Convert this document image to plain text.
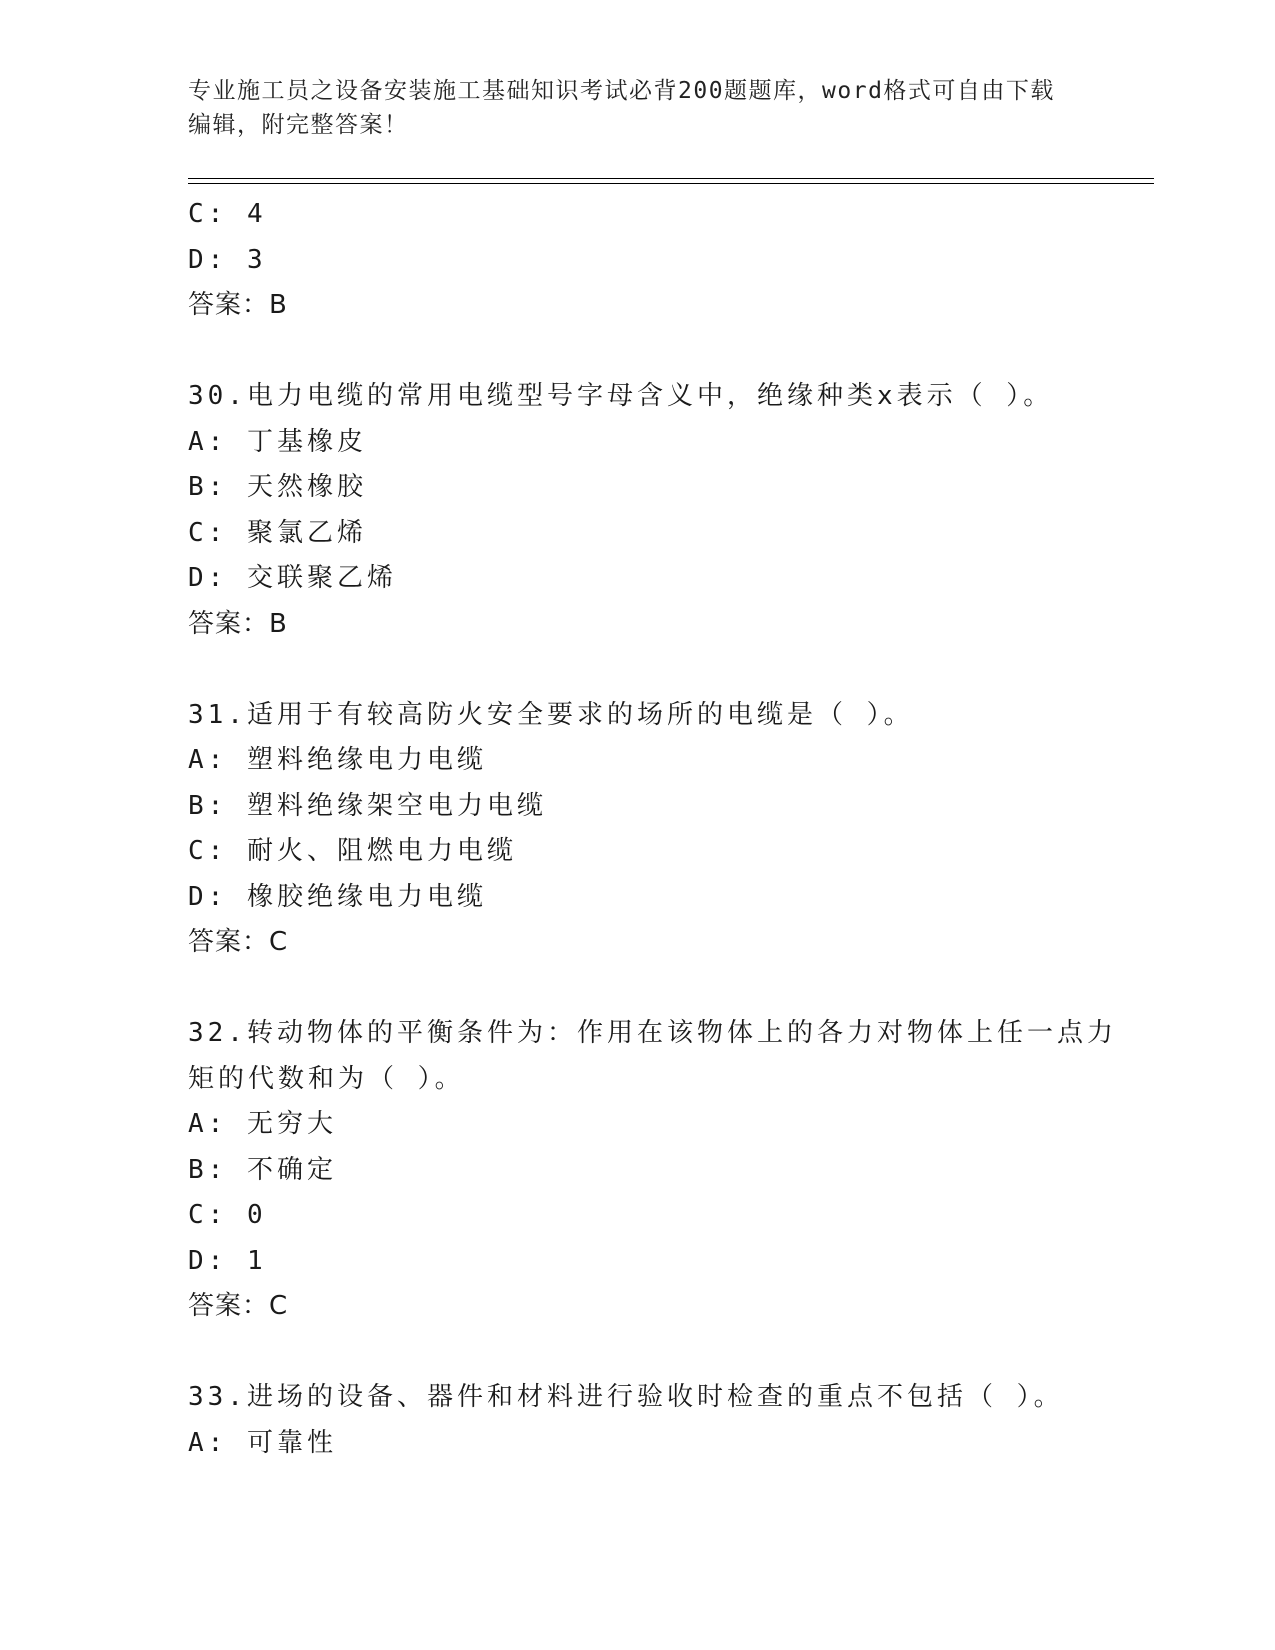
专业施工员之设备安装施工基础知识考试必背200题题库，word格式可自由下载
编辑，附完整答案！
C: 4
D: 3
答案：B
30.电力电缆的常用电缆型号字母含义中，绝缘种类x表示（ ）。
A: 丁基橡皮
B: 天然橡胶
C: 聚氯乙烯
D: 交联聚乙烯
答案：B
31.适用于有较高防火安全要求的场所的电缆是（ ）。
A: 塑料绝缘电力电缆
B: 塑料绝缘架空电力电缆
C: 耐火、阻燃电力电缆
D: 橡胶绝缘电力电缆
答案：C
32.转动物体的平衡条件为：作用在该物体上的各力对物体上任一点力
矩的代数和为（ ）。
A: 无穷大
B: 不确定
C: 0
D: 1
答案：C
33.进场的设备、器件和材料进行验收时检查的重点不包括（ ）。
A: 可靠性
